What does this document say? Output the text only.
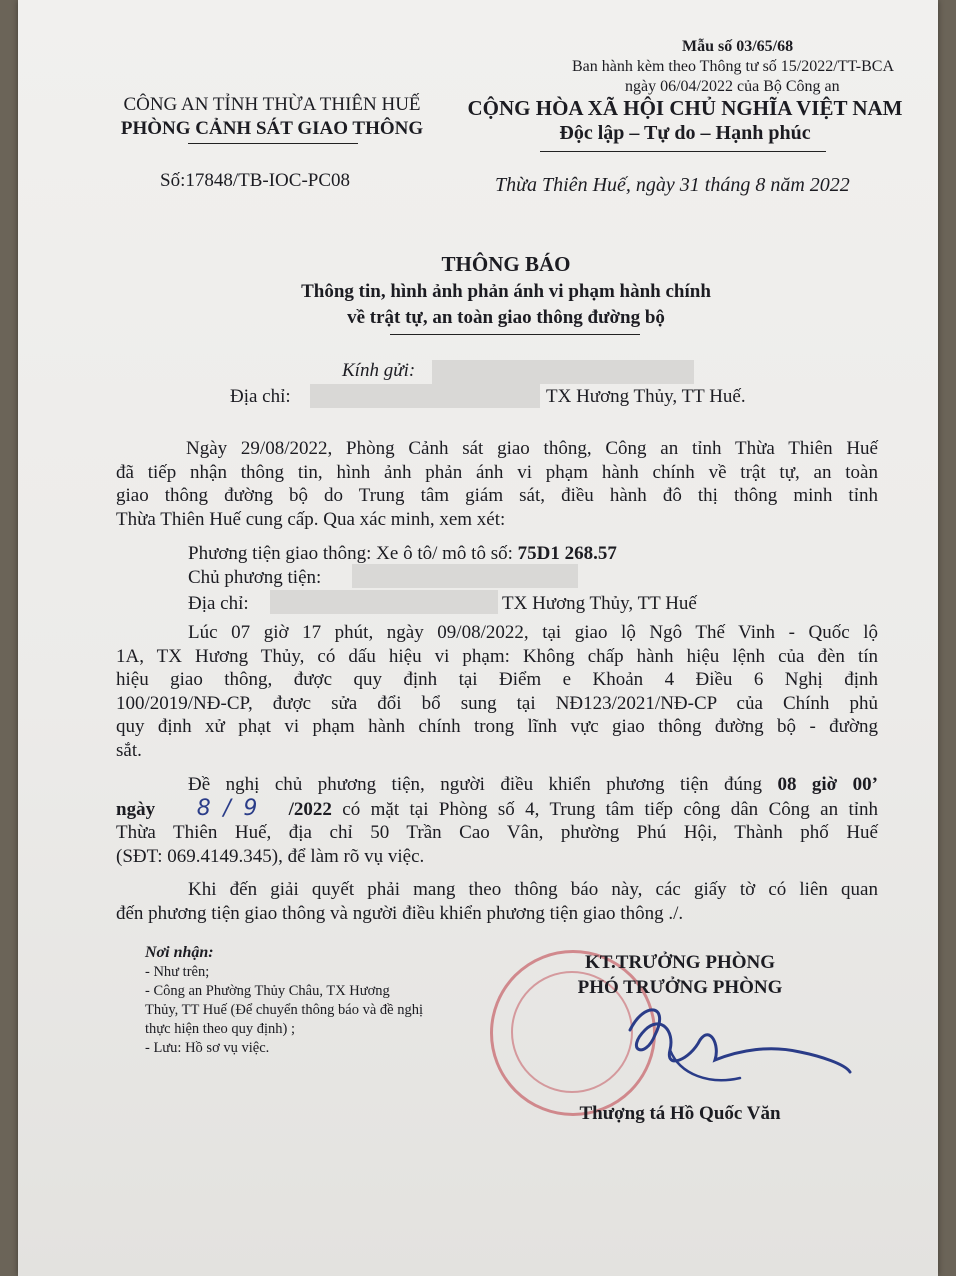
Mẫu số 03/65/68
Ban hành kèm theo Thông tư số 15/2022/TT-BCA
ngày 06/04/2022 của Bộ Công an
CÔNG AN TỈNH THỪA THIÊN HUẾ
PHÒNG CẢNH SÁT GIAO THÔNG
Số:17848/TB-IOC-PC08
CỘNG HÒA XÃ HỘI CHỦ NGHĨA VIỆT NAM
Độc lập – Tự do – Hạnh phúc
Thừa Thiên Huế, ngày 31 tháng 8 năm 2022
THÔNG BÁO
Thông tin, hình ảnh phản ánh vi phạm hành chính
về trật tự, an toàn giao thông đường bộ
Kính gửi:
Địa chỉ:	TX Hương Thủy, TT Huế.
Ngày 29/08/2022, Phòng Cảnh sát giao thông, Công an tỉnh Thừa Thiên Huế
đã tiếp nhận thông tin, hình ảnh phản ánh vi phạm hành chính về trật tự, an toàn
giao thông đường bộ do Trung tâm giám sát, điều hành đô thị thông minh tỉnh
Thừa Thiên Huế cung cấp. Qua xác minh, xem xét:
Phương tiện giao thông: Xe ô tô/ mô tô số: 75D1 268.57
Chủ phương tiện:
Địa chỉ:	TX Hương Thủy, TT Huế
Lúc 07 giờ 17 phút, ngày 09/08/2022, tại giao lộ Ngô Thế Vinh - Quốc lộ
1A, TX Hương Thủy, có dấu hiệu vi phạm: Không chấp hành hiệu lệnh của đèn tín
hiệu giao thông, được quy định tại Điểm e Khoản 4 Điều 6 Nghị định
100/2019/NĐ-CP, được sửa đổi bổ sung tại NĐ123/2021/NĐ-CP của Chính phủ
quy định xử phạt vi phạm hành chính trong lĩnh vực giao thông đường bộ - đường
sắt.
Đề nghị chủ phương tiện, người điều khiển phương tiện đúng 08 giờ 00’
ngày 8 / 9 /2022 có mặt tại Phòng số 4, Trung tâm tiếp công dân Công an tỉnh
Thừa Thiên Huế, địa chỉ 50 Trần Cao Vân, phường Phú Hội, Thành phố Huế
(SĐT: 069.4149.345), để làm rõ vụ việc.
Khi đến giải quyết phải mang theo thông báo này, các giấy tờ có liên quan
đến phương tiện giao thông và người điều khiển phương tiện giao thông ./.
Nơi nhận:
- Như trên;
- Công an Phường Thủy Châu, TX Hương
Thủy, TT Huế (Để chuyển thông báo và đề nghị
thực hiện theo quy định) ;
- Lưu: Hồ sơ vụ việc.
KT.TRƯỞNG PHÒNG
PHÓ TRƯỞNG PHÒNG
Thượng tá Hồ Quốc Văn
